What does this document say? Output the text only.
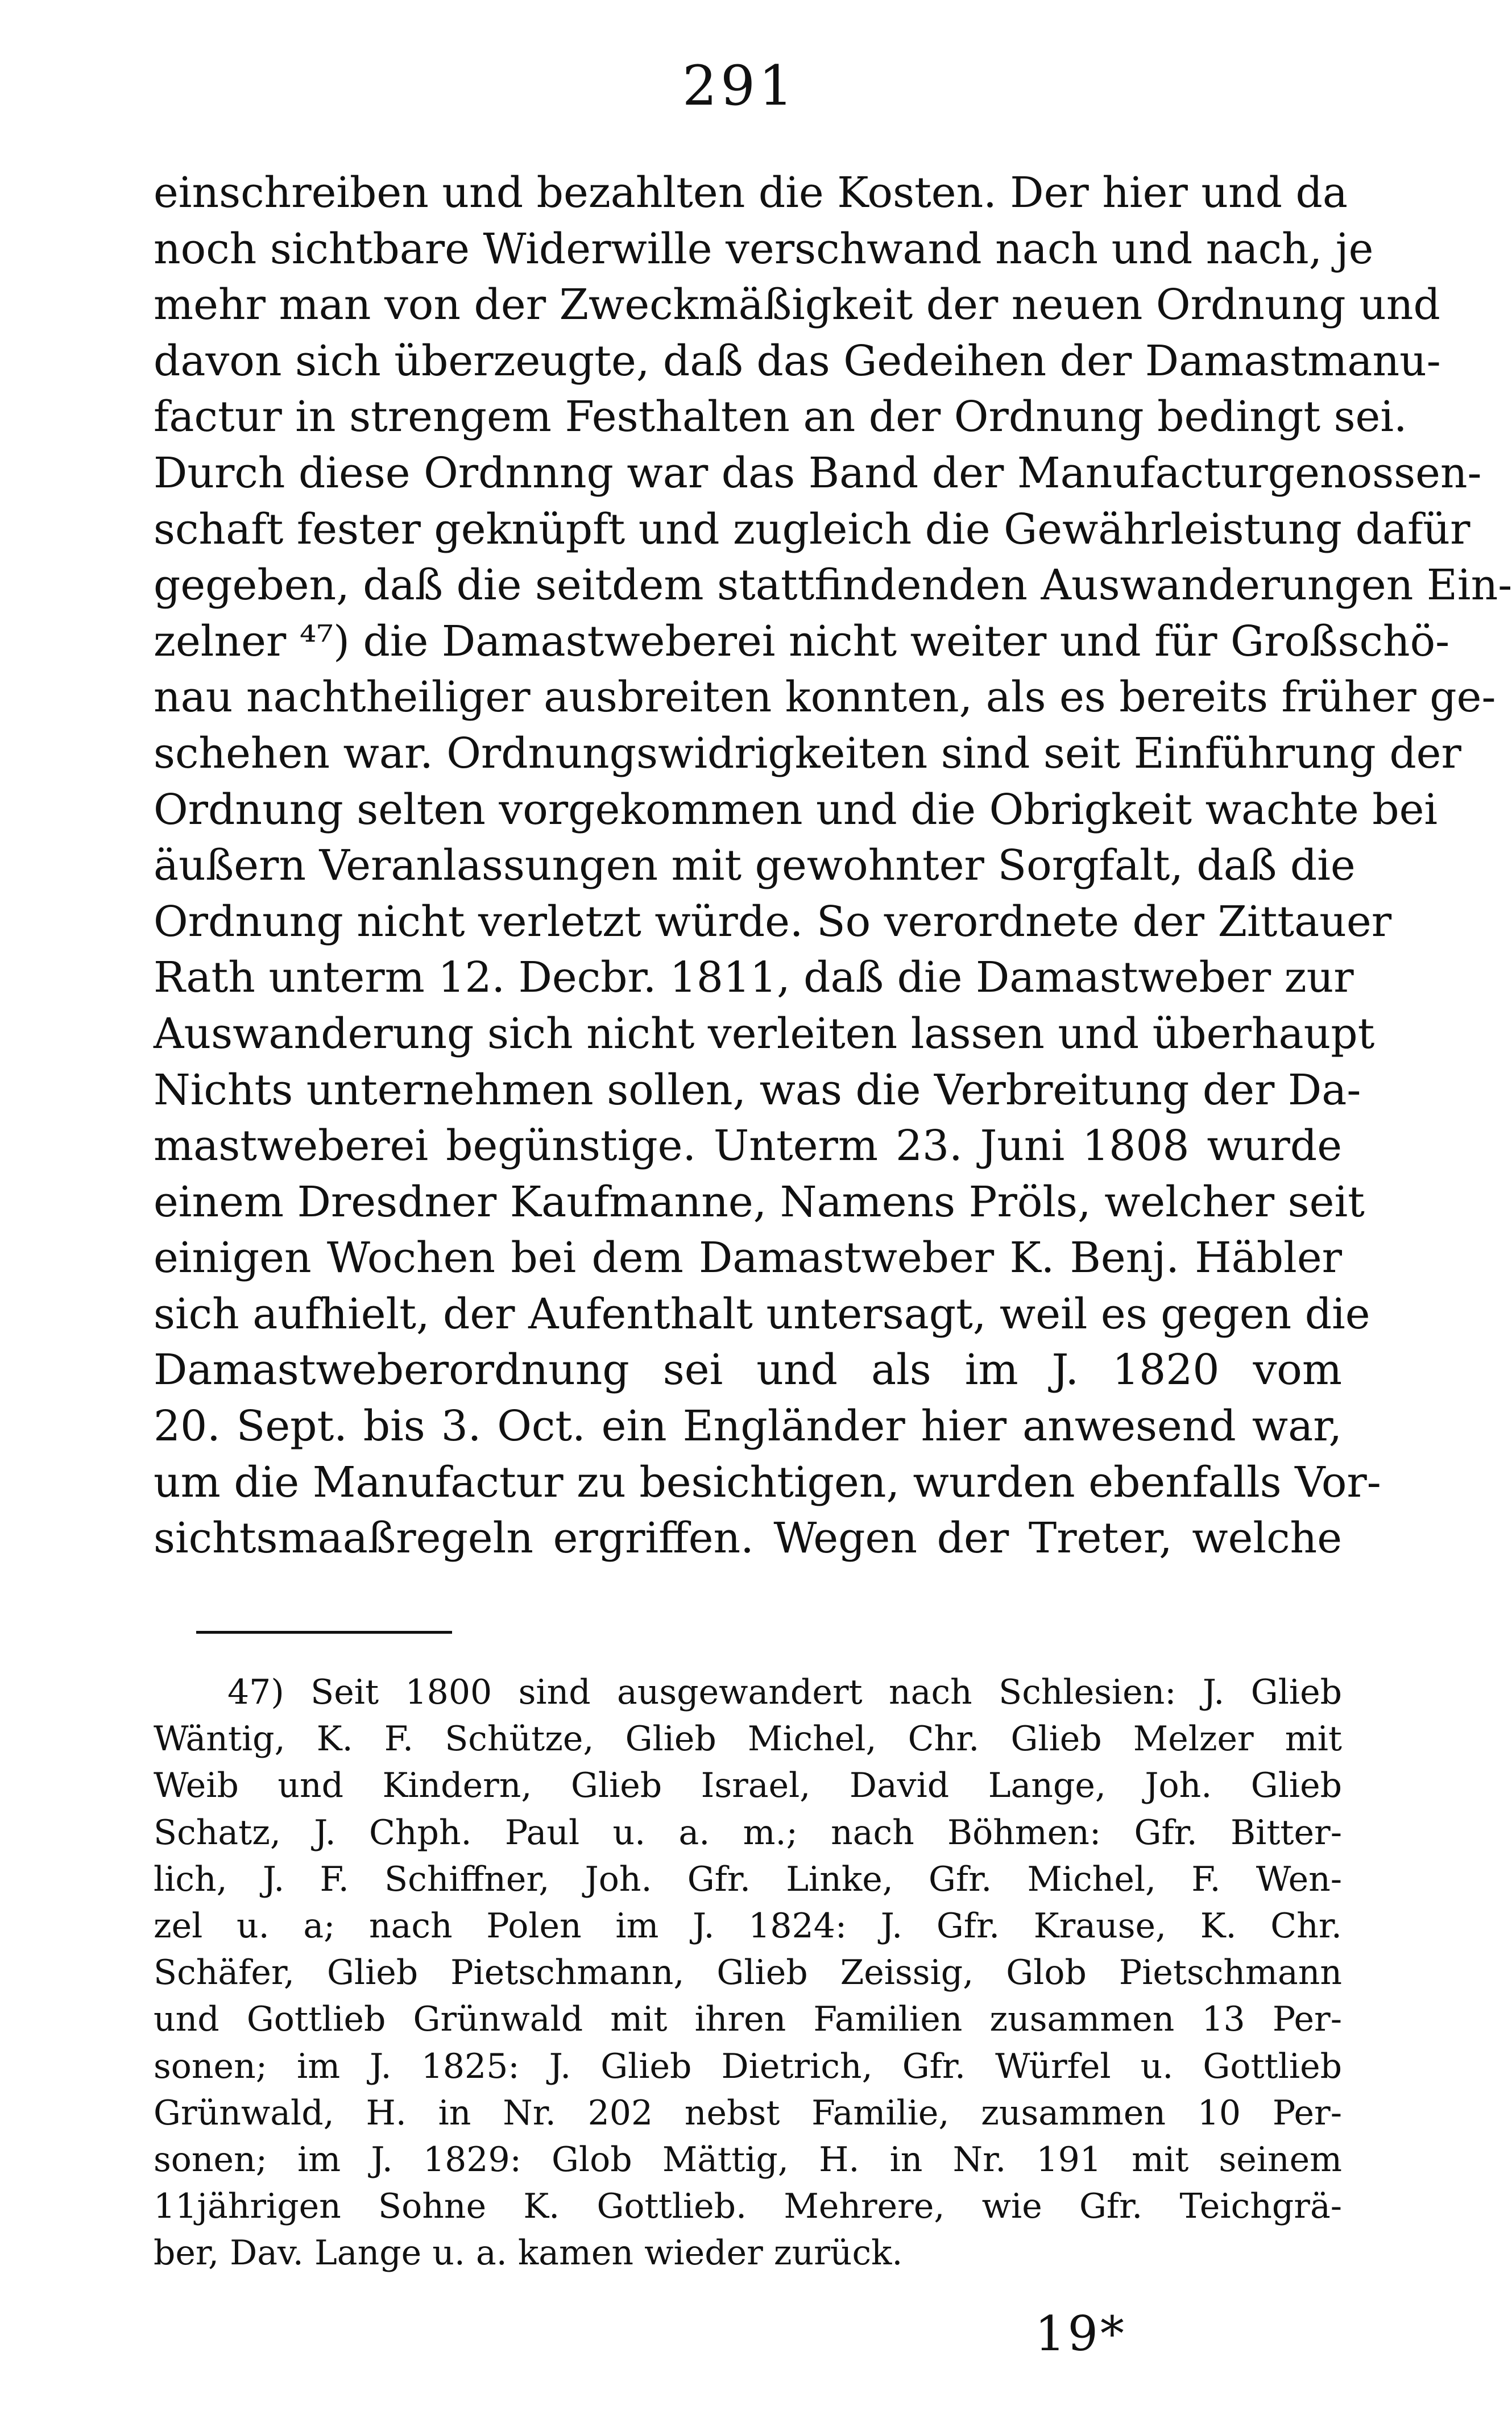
291
einschreiben und bezahlten die Kosten. Der hier und da
noch sichtbare Widerwille verschwand nach und nach, je
mehr man von der Zweckmäßigkeit der neuen Ordnung und
davon sich überzeugte, daß das Gedeihen der Damastmanu-
factur in strengem Festhalten an der Ordnung bedingt sei.
Durch diese Ordnnng war das Band der Manufacturgenossen-
schaft fester geknüpft und zugleich die Gewährleistung dafür
gegeben, daß die seitdem stattfindenden Auswanderungen Ein-
zelner ⁴⁷) die Damastweberei nicht weiter und für Großschö-
nau nachtheiliger ausbreiten konnten, als es bereits früher ge-
schehen war. Ordnungswidrigkeiten sind seit Einführung der
Ordnung selten vorgekommen und die Obrigkeit wachte bei
äußern Veranlassungen mit gewohnter Sorgfalt, daß die
Ordnung nicht verletzt würde. So verordnete der Zittauer
Rath unterm 12. Decbr. 1811, daß die Damastweber zur
Auswanderung sich nicht verleiten lassen und überhaupt
Nichts unternehmen sollen, was die Verbreitung der Da-
mastweberei begünstige. Unterm 23. Juni 1808 wurde
einem Dresdner Kaufmanne, Namens Pröls, welcher seit
einigen Wochen bei dem Damastweber K. Benj. Häbler
sich aufhielt, der Aufenthalt untersagt, weil es gegen die
Damastweberordnung sei und als im J. 1820 vom
20. Sept. bis 3. Oct. ein Engländer hier anwesend war,
um die Manufactur zu besichtigen, wurden ebenfalls Vor-
sichtsmaaßregeln ergriffen. Wegen der Treter, welche
47) Seit 1800 sind ausgewandert nach Schlesien: J. Glieb
Wäntig, K. F. Schütze, Glieb Michel, Chr. Glieb Melzer mit
Weib und Kindern, Glieb Israel, David Lange, Joh. Glieb
Schatz, J. Chph. Paul u. a. m.; nach Böhmen: Gfr. Bitter-
lich, J. F. Schiffner, Joh. Gfr. Linke, Gfr. Michel, F. Wen-
zel u. a; nach Polen im J. 1824: J. Gfr. Krause, K. Chr.
Schäfer, Glieb Pietschmann, Glieb Zeissig, Glob Pietschmann
und Gottlieb Grünwald mit ihren Familien zusammen 13 Per-
sonen; im J. 1825: J. Glieb Dietrich, Gfr. Würfel u. Gottlieb
Grünwald, H. in Nr. 202 nebst Familie, zusammen 10 Per-
sonen; im J. 1829: Glob Mättig, H. in Nr. 191 mit seinem
11jährigen Sohne K. Gottlieb. Mehrere, wie Gfr. Teichgrä-
ber, Dav. Lange u. a. kamen wieder zurück.
19*
